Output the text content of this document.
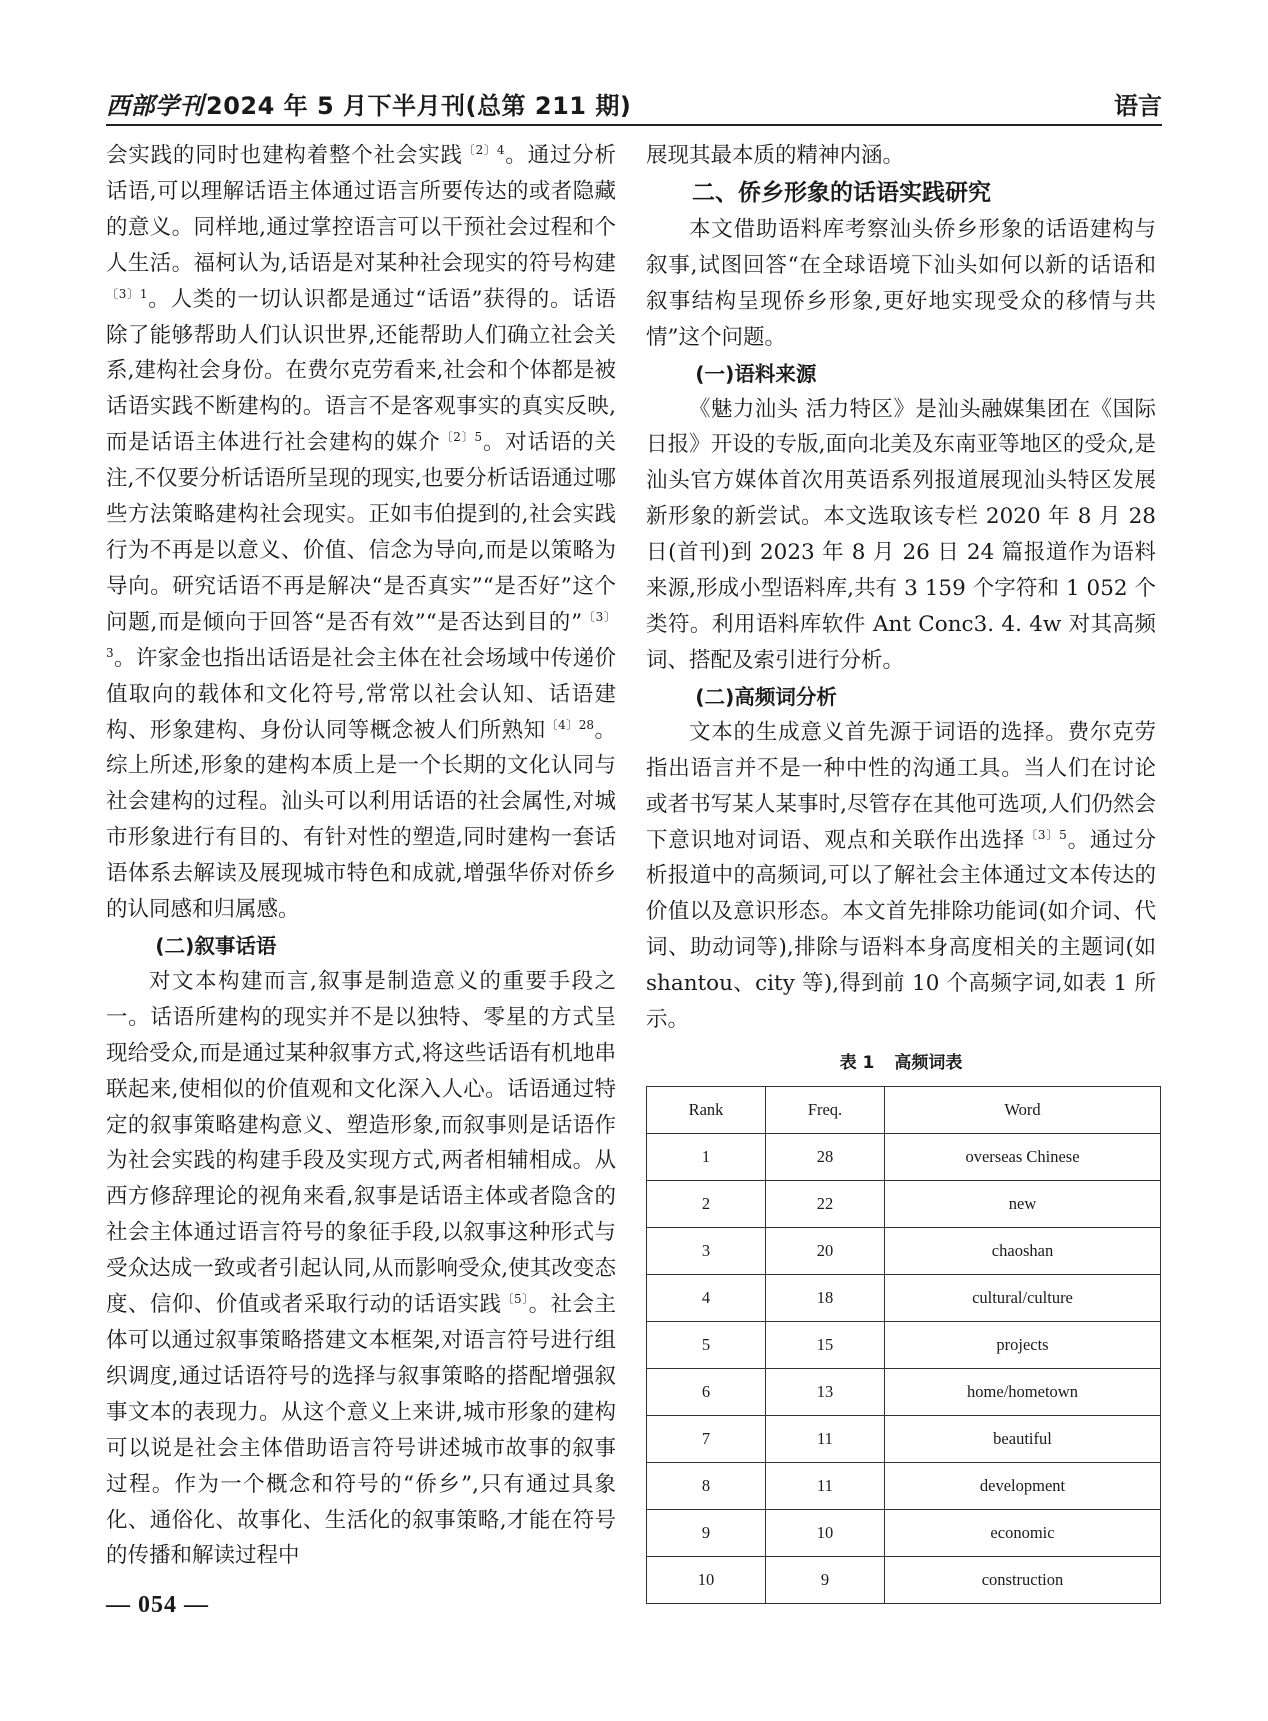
西部学刊2024 年 5 月下半月刊(总第 211 期)	语言

会实践的同时也建构着整个社会实践$^{〔2〕4}$。通过分析话语,可以理解话语主体通过语言所要传达的或者隐藏的意义。同样地,通过掌控语言可以干预社会过程和个人生活。福柯认为,话语是对某种社会现实的符号构建$^{〔3〕1}$。人类的一切认识都是通过“话语”获得的。话语除了能够帮助人们认识世界,还能帮助人们确立社会关系,建构社会身份。在费尔克劳看来,社会和个体都是被话语实践不断建构的。语言不是客观事实的真实反映,而是话语主体进行社会建构的媒介$^{〔2〕5}$。对话语的关注,不仅要分析话语所呈现的现实,也要分析话语通过哪些方法策略建构社会现实。正如韦伯提到的,社会实践行为不再是以意义、价值、信念为导向,而是以策略为导向。研究话语不再是解决“是否真实”“是否好”这个问题,而是倾向于回答“是否有效”“是否达到目的”$^{〔3〕3}$。许家金也指出话语是社会主体在社会场域中传递价值取向的载体和文化符号,常常以社会认知、话语建构、形象建构、身份认同等概念被人们所熟知$^{〔4〕28}$。综上所述,形象的建构本质上是一个长期的文化认同与社会建构的过程。汕头可以利用话语的社会属性,对城市形象进行有目的、有针对性的塑造,同时建构一套话语体系去解读及展现城市特色和成就,增强华侨对侨乡的认同感和归属感。

(二)叙事话语

对文本构建而言,叙事是制造意义的重要手段之一。话语所建构的现实并不是以独特、零星的方式呈现给受众,而是通过某种叙事方式,将这些话语有机地串联起来,使相似的价值观和文化深入人心。话语通过特定的叙事策略建构意义、塑造形象,而叙事则是话语作为社会实践的构建手段及实现方式,两者相辅相成。从西方修辞理论的视角来看,叙事是话语主体或者隐含的社会主体通过语言符号的象征手段,以叙事这种形式与受众达成一致或者引起认同,从而影响受众,使其改变态度、信仰、价值或者采取行动的话语实践$^{〔5〕}$。社会主体可以通过叙事策略搭建文本框架,对语言符号进行组织调度,通过话语符号的选择与叙事策略的搭配增强叙事文本的表现力。从这个意义上来讲,城市形象的建构可以说是社会主体借助语言符号讲述城市故事的叙事过程。作为一个概念和符号的“侨乡”,只有通过具象化、通俗化、故事化、生活化的叙事策略,才能在符号的传播和解读过程中

展现其最本质的精神内涵。

二、侨乡形象的话语实践研究

本文借助语料库考察汕头侨乡形象的话语建构与叙事,试图回答“在全球语境下汕头如何以新的话语和叙事结构呈现侨乡形象,更好地实现受众的移情与共情”这个问题。

(一)语料来源

《魅力汕头 活力特区》是汕头融媒集团在《国际日报》开设的专版,面向北美及东南亚等地区的受众,是汕头官方媒体首次用英语系列报道展现汕头特区发展新形象的新尝试。本文选取该专栏 2020 年 8 月 28 日(首刊)到 2023 年 8 月 26 日 24 篇报道作为语料来源,形成小型语料库,共有 3 159 个字符和 1 052 个类符。利用语料库软件 Ant Conc3. 4. 4w 对其高频词、搭配及索引进行分析。

(二)高频词分析

文本的生成意义首先源于词语的选择。费尔克劳指出语言并不是一种中性的沟通工具。当人们在讨论或者书写某人某事时,尽管存在其他可选项,人们仍然会下意识地对词语、观点和关联作出选择$^{〔3〕5}$。通过分析报道中的高频词,可以了解社会主体通过文本传达的价值以及意识形态。本文首先排除功能词(如介词、代词、助动词等),排除与语料本身高度相关的主题词(如 shantou、city 等),得到前 10 个高频字词,如表 1 所示。

表 1 高频词表
Rank	Freq.	Word
1	28	overseas Chinese
2	22	new
3	20	chaoshan
4	18	cultural/culture
5	15	projects
6	13	home/hometown
7	11	beautiful
8	11	development
9	10	economic
10	9	construction
— 054 —
